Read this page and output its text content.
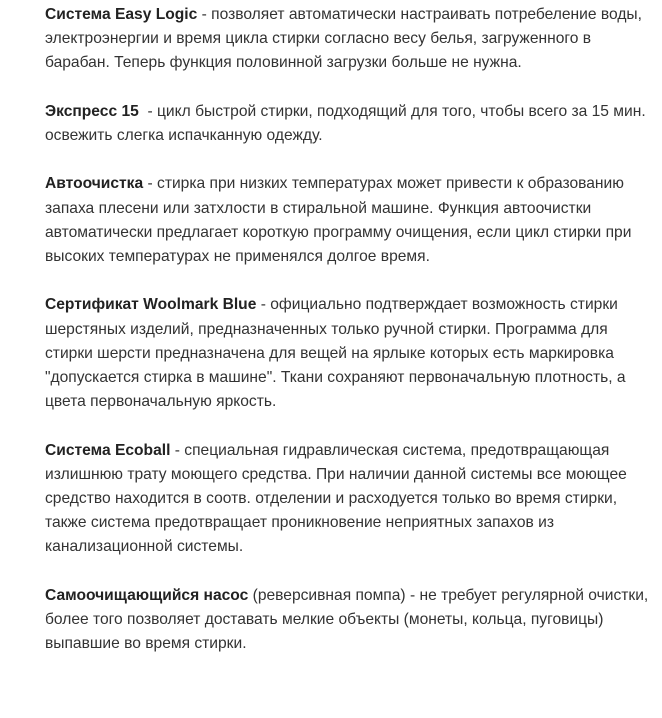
Система Easy Logic - позволяет автоматически настраивать потребеление воды, электроэнергии и время цикла стирки согласно весу белья, загруженного в барабан. Теперь функция половинной загрузки больше не нужна.

Экспресс 15  - цикл быстрой стирки, подходящий для того, чтобы всего за 15 мин. освежить слегка испачканную одежду.

Автоочистка - стирка при низких температурах может привести к образованию запаха плесени или затхлости в стиральной машине. Функция автоочистки автоматически предлагает короткую программу очищения, если цикл стирки при высоких температурах не применялся долгое время.

Сертификат Woolmark Blue - официально подтверждает возможность стирки шерстяных изделий, предназначенных только ручной стирки. Программа для стирки шерсти предназначена для вещей на ярлыке которых есть маркировка "допускается стирка в машине". Ткани сохраняют первоначальную плотность, а цвета первоначальную яркость.

Система Ecoball - специальная гидравлическая система, предотвращающая излишнюю трату моющего средства. При наличии данной системы все моющее средство находится в соотв. отделении и расходуется только во время стирки, также система предотвращает проникновение неприятных запахов из канализационной системы.

Самоочищающийся насос (реверсивная помпа) - не требует регулярной очистки, более того позволяет доставать мелкие объекты (монеты, кольца, пуговицы) выпавшие во время стирки.
